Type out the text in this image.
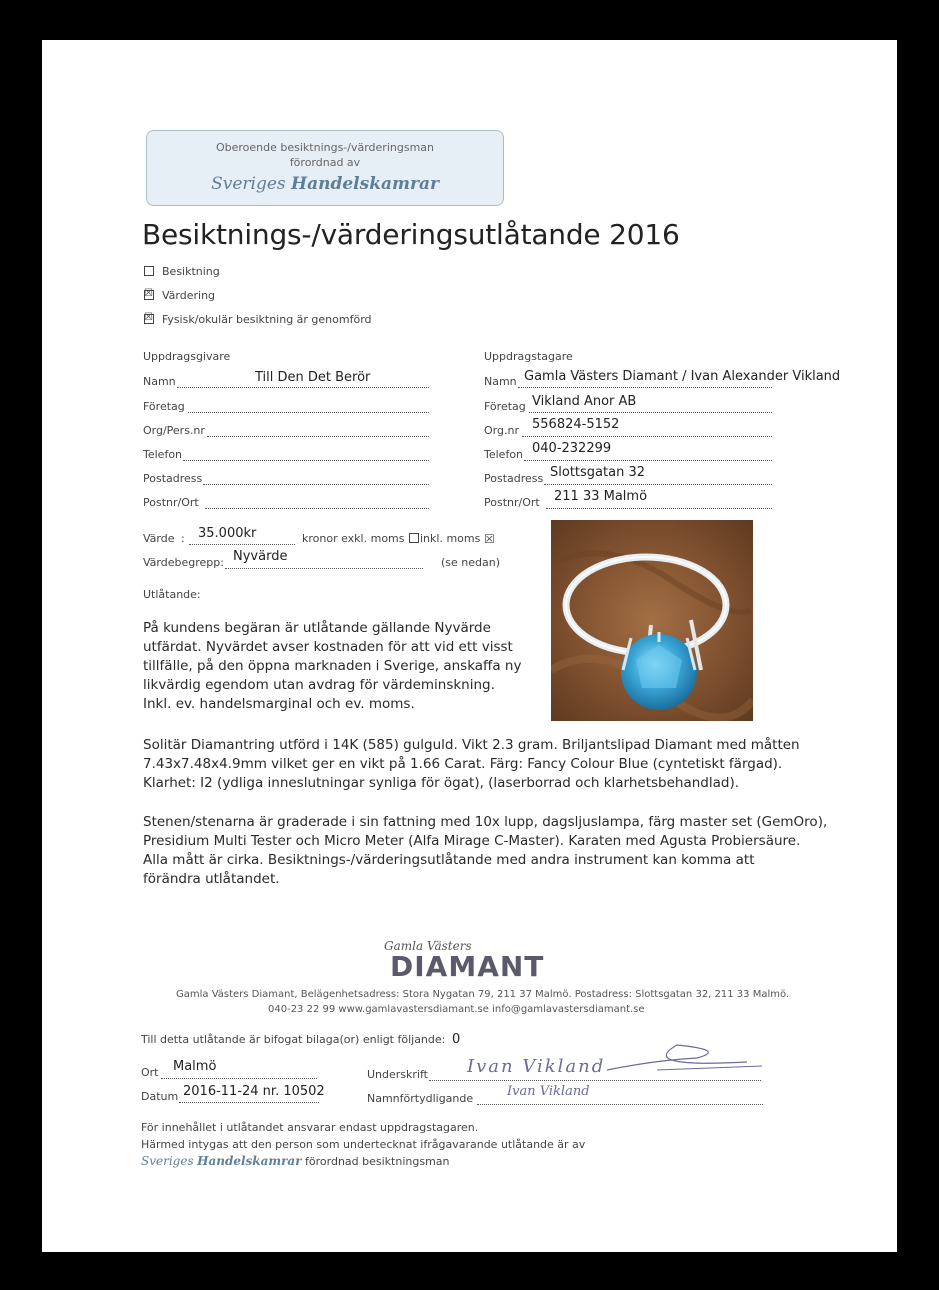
Oberoende besiktnings-/värderingsman
förordnad av
Sveriges Handelskamrar
Besiktnings-/värderingsutlåtande 2016
Besiktning
☒ Värdering
☒ Fysisk/okulär besiktning är genomförd
Uppdragsgivare
Namn	Till Den Det Berör
Företag
Org/Pers.nr
Telefon
Postadress
Postnr/Ort
Uppdragstagare
Namn Gamla Västers Diamant / Ivan Alexander Vikland
Företag Vikland Anor AB
Org.nr 556824-5152
Telefon 040-232299
Postadress Slottsgatan 32
Postnr/Ort 211 33 Malmö
Värde : 35.000kr	kronor exkl. moms inkl. moms ☒
Värdebegrepp: Nyvärde	(se nedan)
Utlåtande:
På kundens begäran är utlåtande gällande Nyvärde
utfärdat. Nyvärdet avser kostnaden för att vid ett visst
tillfälle, på den öppna marknaden i Sverige, anskaffa ny
likvärdig egendom utan avdrag för värdeminskning.
Inkl. ev. handelsmarginal och ev. moms.
Solitär Diamantring utförd i 14K (585) gulguld. Vikt 2.3 gram. Briljantslipad Diamant med måtten
7.43x7.48x4.9mm vilket ger en vikt på 1.66 Carat. Färg: Fancy Colour Blue (cyntetiskt färgad).
Klarhet: I2 (ydliga inneslutningar synliga för ögat), (laserborrad och klarhetsbehandlad).
Stenen/stenarna är graderade i sin fattning med 10x lupp, dagsljuslampa, färg master set (GemOro),
Presidium Multi Tester och Micro Meter (Alfa Mirage C-Master). Karaten med Agusta Probiersäure.
Alla mått är cirka. Besiktnings-/värderingsutlåtande med andra instrument kan komma att
förändra utlåtandet.
Gamla Västers
DIAMANT
Gamla Västers Diamant, Belägenhetsadress: Stora Nygatan 79, 211 37 Malmö. Postadress: Slottsgatan 32, 211 33 Malmö.
040-23 22 99 www.gamlavastersdiamant.se info@gamlavastersdiamant.se
Till detta utlåtande är bifogat bilaga(or) enligt följande: 0
Ort Malmö
Datum 2016-11-24 nr. 10502
Underskrift Ivan Vikland
Namnförtydligande	Ivan Vikland
För innehållet i utlåtandet ansvarar endast uppdragstagaren.
Härmed intygas att den person som undertecknat ifrågavarande utlåtande är av
Sveriges Handelskamrar förordnad besiktningsman
